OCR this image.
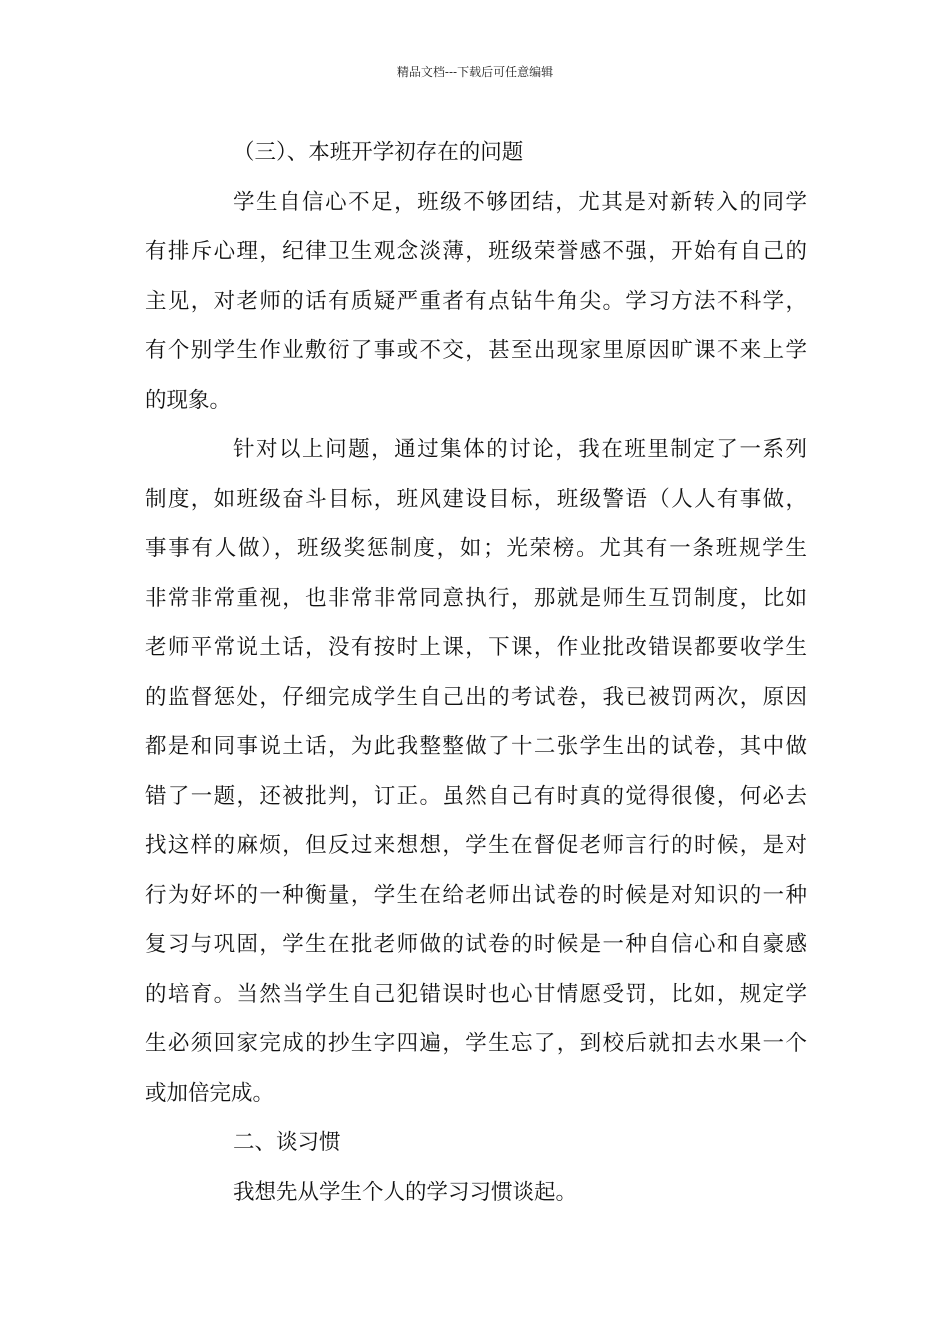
精品文档---下载后可任意编辑
（三）、本班开学初存在的问题
学生自信心不足，班级不够团结，尤其是对新转入的同学
有排斥心理，纪律卫生观念淡薄，班级荣誉感不强，开始有自己的
主见，对老师的话有质疑严重者有点钻牛角尖。学习方法不科学，
有个别学生作业敷衍了事或不交，甚至出现家里原因旷课不来上学
的现象。
针对以上问题，通过集体的讨论，我在班里制定了一系列
制度，如班级奋斗目标，班风建设目标，班级警语（人人有事做，
事事有人做），班级奖惩制度，如；光荣榜。尤其有一条班规学生
非常非常重视，也非常非常同意执行，那就是师生互罚制度，比如
老师平常说土话，没有按时上课，下课，作业批改错误都要收学生
的监督惩处，仔细完成学生自己出的考试卷，我已被罚两次，原因
都是和同事说土话，为此我整整做了十二张学生出的试卷，其中做
错了一题，还被批判，订正。虽然自己有时真的觉得很傻，何必去
找这样的麻烦，但反过来想想，学生在督促老师言行的时候，是对
行为好坏的一种衡量，学生在给老师出试卷的时候是对知识的一种
复习与巩固，学生在批老师做的试卷的时候是一种自信心和自豪感
的培育。当然当学生自己犯错误时也心甘情愿受罚，比如，规定学
生必须回家完成的抄生字四遍，学生忘了，到校后就扣去水果一个
或加倍完成。
二、谈习惯
我想先从学生个人的学习习惯谈起。
